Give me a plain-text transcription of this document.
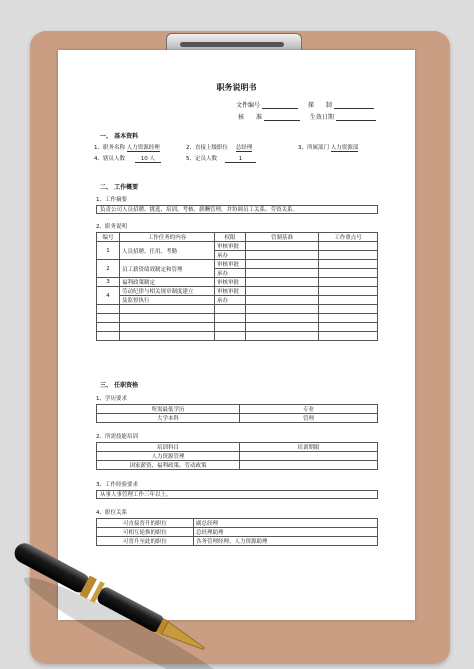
职务说明书
文件编号	探　　制
核　　准	生效日期
一、 基本资料
1、职务名称 人力资源经理	2、直接上级职位 总经理	3、所属部门 人力资源部
4、辖员人数	10 人	5、定员人数	1
二、 工作概要
1、工作摘要
负责公司人员招聘、挑选、培训、考核、薪酬管理，并协调员工关系、劳资关系。
2、职务说明
编号	工作任务的内容	权限	管制基准	工作重点号
1	人员招聘、任用、考勤	审核审批		
		承办		
2	员工薪资绩效制定和管理	审核审批		
		承办		
3	福利政策制定	审核审批		
4	劳动纪律与相关规章制度建立	审核审批		
	及监督执行	承办		

三、 任职资格
1、学历要求
所需最低学历	专业
大学本科	管理
2、所需技能培训
培训科目	培训期限
人力资源管理	
国家薪资、福利政策、劳动政策	
3、工作经验要求
从事人事管理工作三年以上。
4、职位关系
可直接晋升的职位	副总经理
可相互轮换的职位	总经理助理
可晋升至此的职位	各务管理经理、人力资源助理
